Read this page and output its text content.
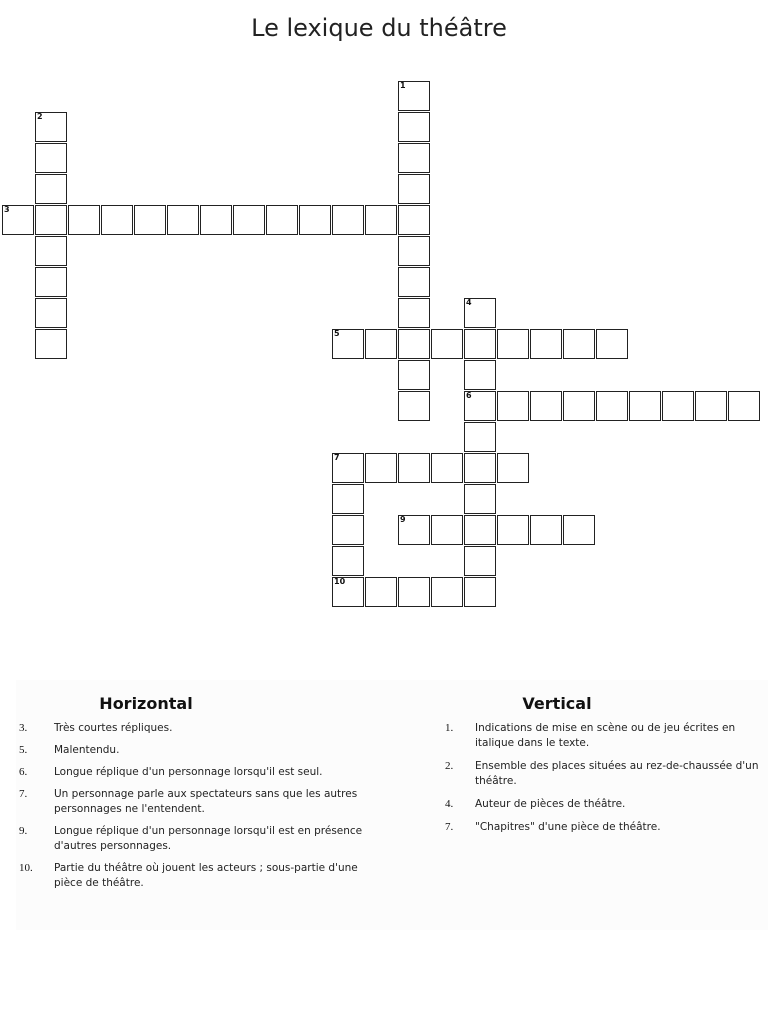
Le lexique du théâtre
1
2
3
4
6
5
7
10
9
Horizontal
3.	Très courtes répliques.
5.	Malentendu.
6.	Longue réplique d'un personnage lorsqu'il est seul.
7.	Un personnage parle aux spectateurs sans que les autres personnages ne l'entendent.
9.	Longue réplique d'un personnage lorsqu'il est en présence d'autres personnages.
10.	Partie du théâtre où jouent les acteurs ; sous-partie d'une pièce de théâtre.
Vertical
1.	Indications de mise en scène ou de jeu écrites en italique dans le texte.
2.	Ensemble des places situées au rez-de-chaussée d'un théâtre.
4.	Auteur de pièces de théâtre.
7.	"Chapitres" d'une pièce de théâtre.
